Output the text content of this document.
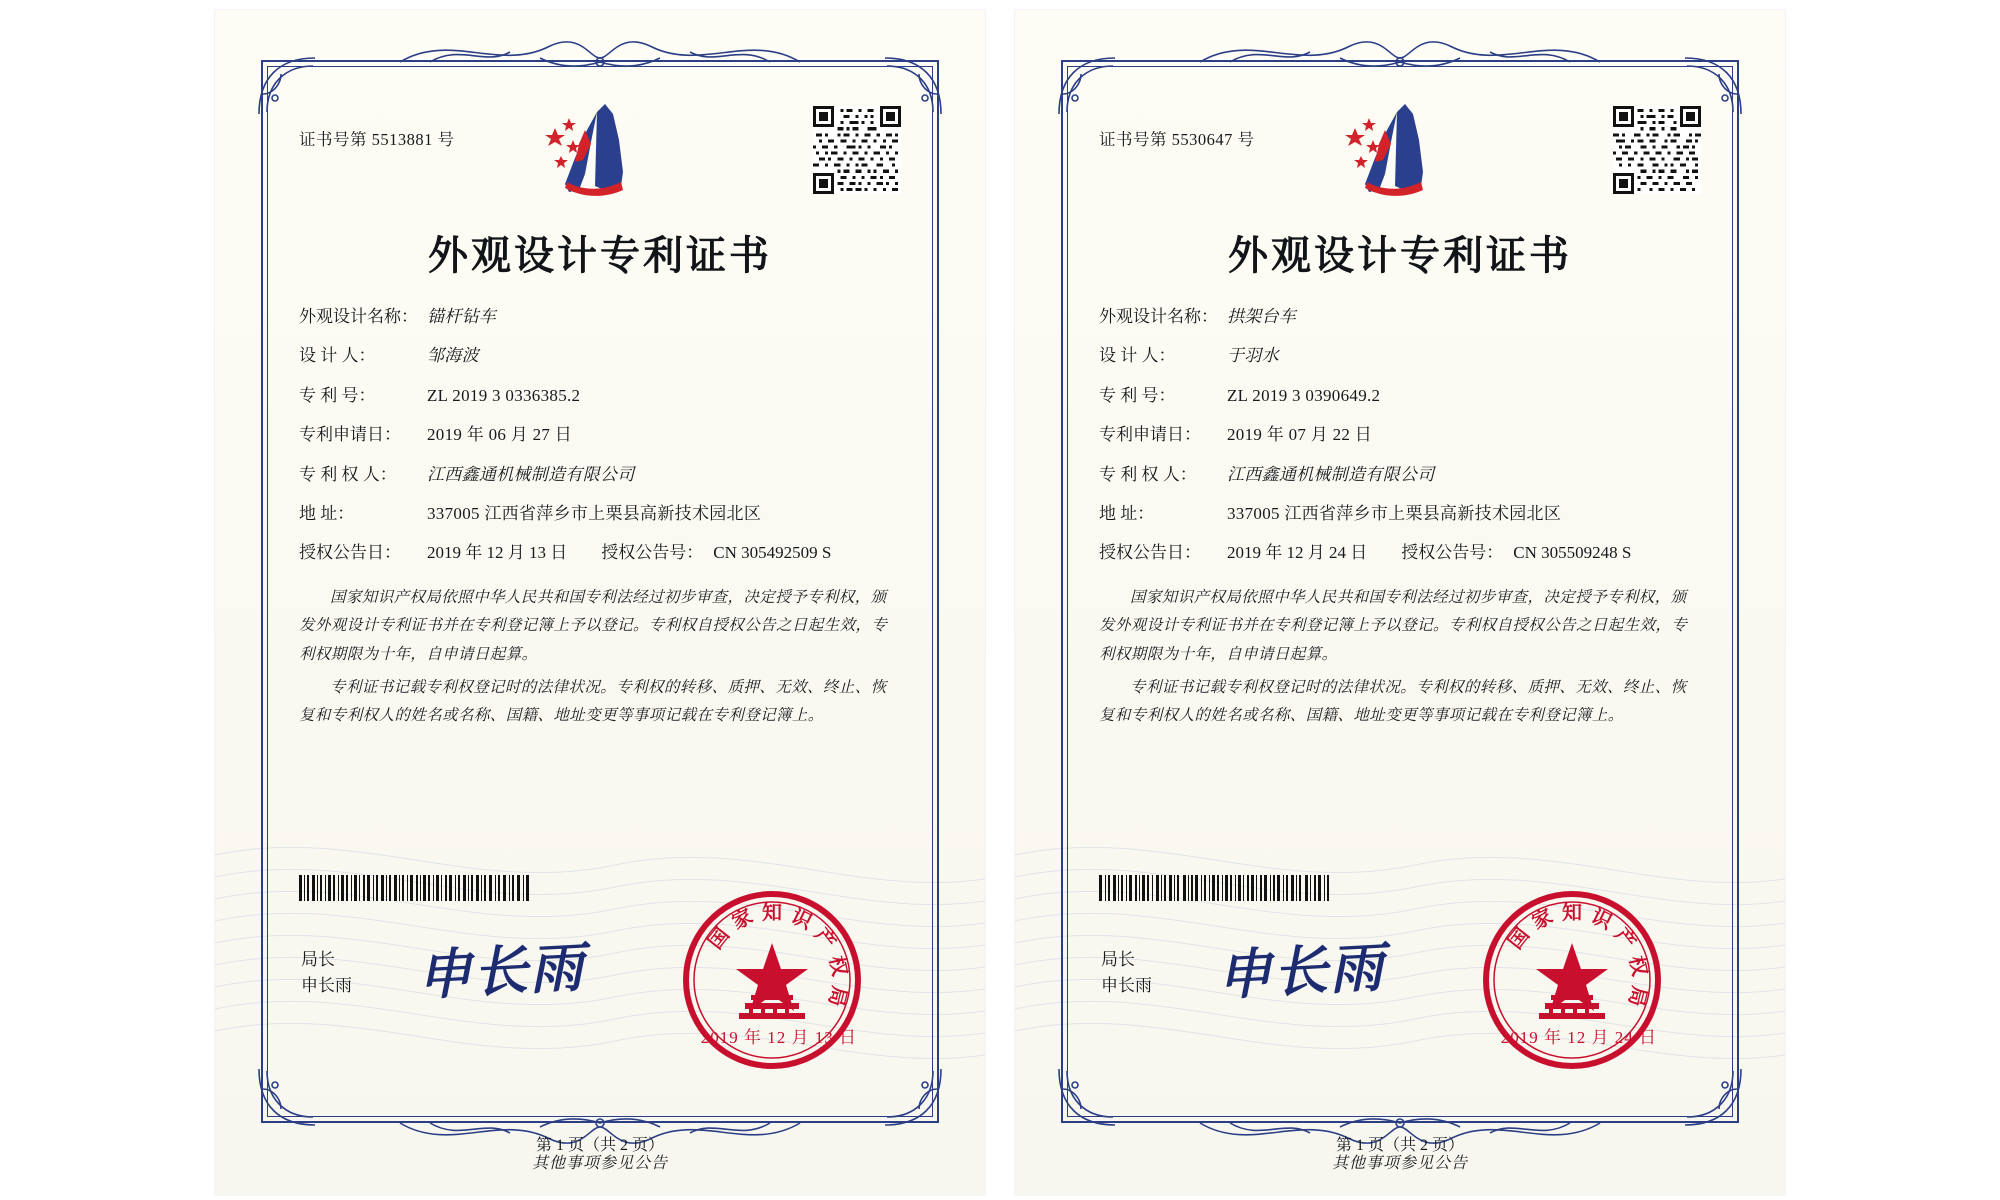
证书号第 5513881 号
外观设计专利证书
外观设计名称： 锚杆钻车
设 计 人：	邹海波
专 利 号：	ZL 2019 3 0336385.2
专利申请日：	2019 年 06 月 27 日
专 利 权 人：	江西鑫通机械制造有限公司
地 址：	337005 江西省萍乡市上栗县高新技术园北区
授权公告日：	2019 年 12 月 13 日 授权公告号： CN 305492509 S

国家知识产权局依照中华人民共和国专利法经过初步审查，决定授予专利权，颁发外观设计专利证书并在专利登记簿上予以登记。专利权自授权公告之日起生效，专利权期限为十年，自申请日起算。

专利证书记载专利权登记时的法律状况。专利权的转移、质押、无效、终止、恢复和专利权人的姓名或名称、国籍、地址变更等事项记载在专利登记簿上。

局长
申长雨 申长雨	国
家 知 识
产
权
局
2019 年 12 月 13 日
第 1 页（共 2 页）
其他事项参见公告
证书号第 5530647 号
外观设计专利证书
外观设计名称： 拱架台车
设 计 人：	于羽水
专 利 号：	ZL 2019 3 0390649.2
专利申请日：	2019 年 07 月 22 日
专 利 权 人：	江西鑫通机械制造有限公司
地 址：	337005 江西省萍乡市上栗县高新技术园北区
授权公告日：	2019 年 12 月 24 日 授权公告号： CN 305509248 S

国家知识产权局依照中华人民共和国专利法经过初步审查，决定授予专利权，颁发外观设计专利证书并在专利登记簿上予以登记。专利权自授权公告之日起生效，专利权期限为十年，自申请日起算。

专利证书记载专利权登记时的法律状况。专利权的转移、质押、无效、终止、恢复和专利权人的姓名或名称、国籍、地址变更等事项记载在专利登记簿上。

局长
申长雨 申长雨	国
家 知 识
产
权
局
2019 年 12 月 24 日
第 1 页（共 2 页）
其他事项参见公告
